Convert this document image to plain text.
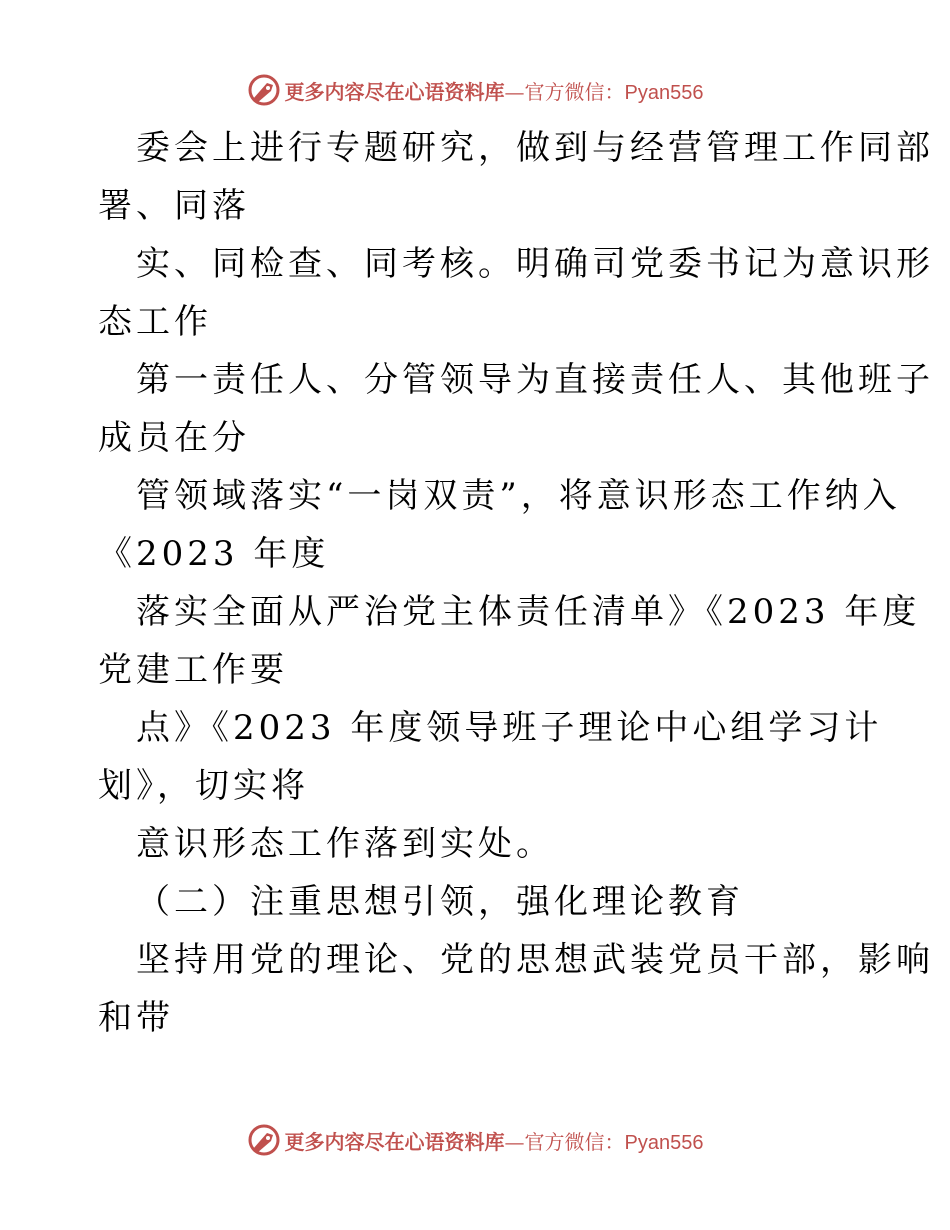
更多内容尽在心语资料库—官方微信：Pyan556
委会上进行专题研究，做到与经营管理工作同部
署、同落
实、同检查、同考核。明确司党委书记为意识形
态工作
第一责任人、分管领导为直接责任人、其他班子
成员在分
管领域落实“一岗双责”，将意识形态工作纳入
《2023 年度
落实全面从严治党主体责任清单》《2023 年度
党建工作要
点》《2023 年度领导班子理论中心组学习计
划》，切实将
意识形态工作落到实处。
（二）注重思想引领，强化理论教育
坚持用党的理论、党的思想武装党员干部，影响
和带
更多内容尽在心语资料库—官方微信：Pyan556
